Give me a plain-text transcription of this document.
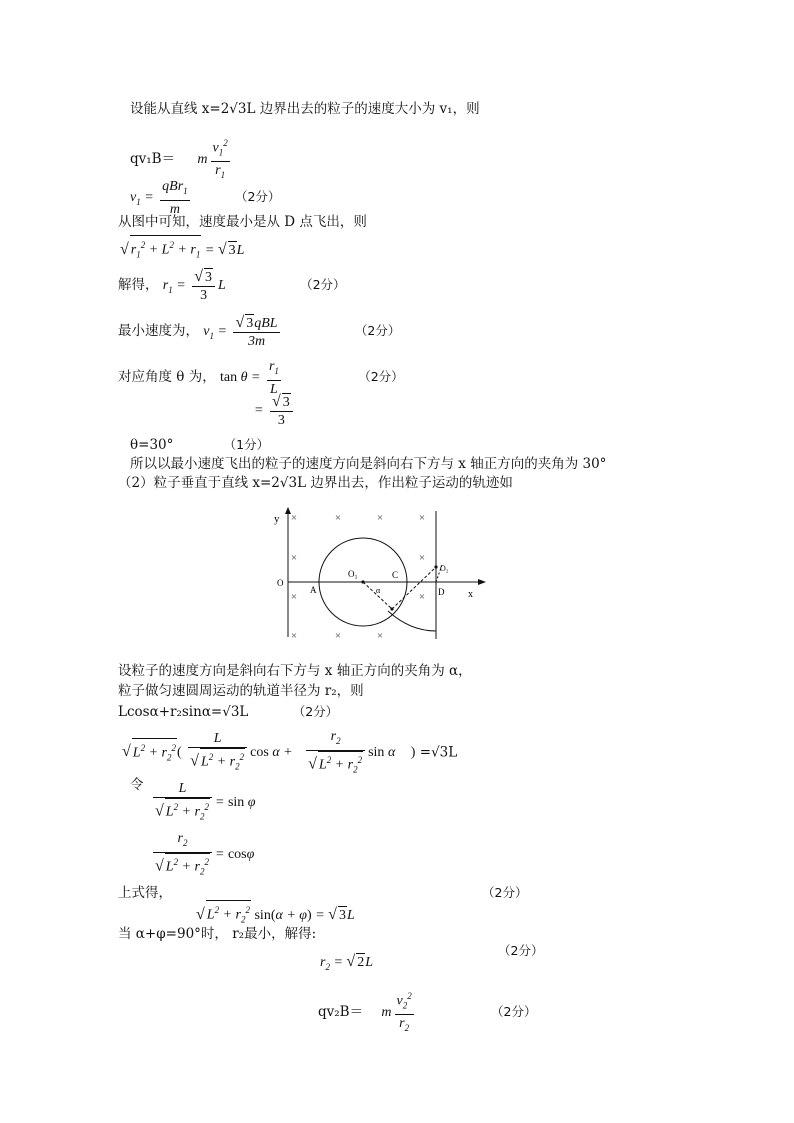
设能从直线 x=2√3L 边界出去的粒子的速度大小为 v₁，则
qv₁B＝ m $\frac{v_1^2}{r_1}$
$v_1 = \frac{qBr_1}{m}$	（2分）
从图中可知，速度最小是从 D 点飞出，则
√ $r_1^2 + L^2 + r_1$ = √ 3L
解得， $r_1 = \frac{√ 3}{3}$ L	（2分）
最小速度为， $v_1 = \frac{\text{√ 3qBL}}{3m}$	（2分）
对应角度 θ 为， $\tan \theta = \frac{r_1}{L}$	（2分）
= $\frac{√ 3}{3}$
θ=30°	（1分）
所以以最小速度飞出的粒子的速度方向是斜向右下方与 x 轴正方向的夹角为 30°
（2）粒子垂直于直线 x=2√3L 边界出去，作出粒子运动的轨迹如
×	×	×	×
×	×
×	×
×	×	×
y
O
x
A
O₁	C
D
O₂
α
设粒子的速度方向是斜向右下方与 x 轴正方向的夹角为 α，
粒子做匀速圆周运动的轨道半径为 r₂，则
Lcosα+r₂sinα=√3L	（2分）
√ $L^2 + r_2^2( \frac{L}{√ L^2 + r_2^2}$ $\cos \alpha + \frac{r_2}{√ L^2 + r_2^2}$ sin α ) =√3L
令 $\frac{L}{√ L^2 + r_2^2} = \sin \varphi$
$\frac{r_2}{√ L^2 + r_2^2} = \cos\varphi$
上式得，	（2分）
√ $L^2 + r_2^2$ sin(α + φ) = √ 3L
当 α+φ=90°时， r₂最小，解得:
（2分）
$r_2$ = √ 2L
qv₂B＝ m $\frac{v_2^2}{r_2}$	（2分）
